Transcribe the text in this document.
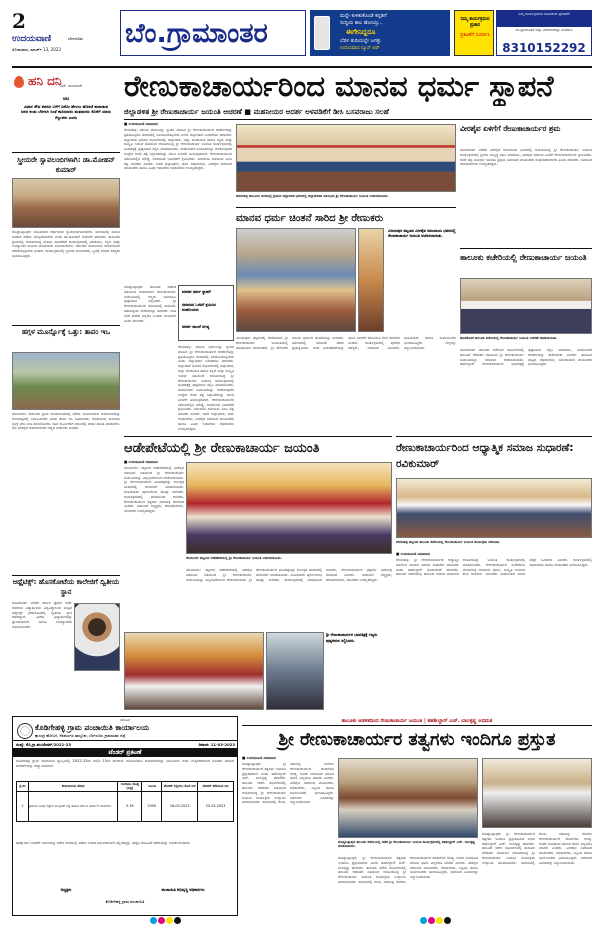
2
ಉದಯವಾಣಿ	ಬೆಂಗಳೂರು
ಸೋಮವಾರ, ಮಾರ್ಚ್ 13, 2023
ಬೆಂ.ಗ್ರಾಮಾಂತರ
ಮನ್ನೇ ಕುಳಿತುಕೊಂಡೆ ಕನ್ನಡಿಗೆ
ಸುದ್ದಿಯ ಕಾಲ ಹೋಯ್ತು..
ಈಗೇನಿದ್ದರೂ
ಬೆರಳ ತುದಿಯಲ್ಲೇ ಜಗತ್ತು
ಉದಯವಾಣಿ ನ್ಯೂಸ್ ಆಪ್
ನಿಮ್ಮ ಕಾರ್ಯಕ್ರಮದ ಪ್ರಚಾರ
ಪ್ರಕಟಣೆಗೆ ಸಂಪರ್ಕಿಸಿ
ನಿಮ್ಮ ಕಾರ್ಯಕ್ರಮಗಳ ಜಾಹೀರಾತು ಪ್ರಕಟಣೆಗೆ
ಬೆಂ.ಗ್ರಾಮಾಂತರ ಜಿಲ್ಲಾ ವರದಿಗಾರರನ್ನು ಸಂಪರ್ಕಿಸಿ
8310152292
ಹನಿ ದನಿ
ಎಚ್. ಡುಂಡಿರಾಜ್
ಆಟ
ವಿಧಾನ ಸೌಧ ಕದನದ ಬಗೆಗೆ ಏನೋ ಹೇಳಲು ಹೊರಟೆ ಕಾದಾಡುವ ಜನರ ಕಂಡು ಬೆರಗಾಗಿ ನಿಂತೆ ಕಾದಿರುವರು ಮತದಾರರು ಕೊನೆಗೆ ಯಾರು ಗೆಲ್ಲುವರು ಎಂದು
ಸ್ತ್ರೀಯರೇ ಸ್ವಾವಲಂಬಿಗಳಾಗಿ: ಡಾ.ಮೋಹನ್ ಕುಮಾರ್
ದೊಡ್ಡಬಳ್ಳಾಪುರ: ಮಹಿಳೆಯರು ಆರ್ಥಿಕವಾಗಿ ಸ್ವಾವಲಂಬಿಗಳಾಗಬೇಕು. ಸಮಾಜದಲ್ಲಿ ಸಮಾನ ಅವಕಾಶ ಪಡೆದು ಮುನ್ನಡೆಯಬೇಕು ಎಂದು ಡಾ.ಮೋಹನ್ ಕುಮಾರ್ ಹೇಳಿದರು. ತಾಲೂಕಿನ ಗ್ರಾಮದಲ್ಲಿ ಆಯೋಜಿಸಿದ್ದ ಮಹಿಳಾ ದಿನಾಚರಣೆ ಕಾರ್ಯಕ್ರಮದಲ್ಲಿ ಮಾತನಾಡಿ, ಶಿಕ್ಷಣ ಮತ್ತು ಉದ್ಯೋಗದ ಮೂಲಕ ಮಹಿಳೆಯರು ಸಬಲರಾಗಬೇಕು. ಸರ್ಕಾರದ ಯೋಜನೆಗಳ ಸದುಪಯೋಗ ಪಡೆದುಕೊಳ್ಳಬೇಕು ಎಂದರು. ಕಾರ್ಯಕ್ರಮದಲ್ಲಿ ಸ್ಥಳೀಯ ಮುಖಂಡರು, ಸ್ತ್ರೀಶಕ್ತಿ ಸಂಘದ ಸದಸ್ಯರು ಭಾಗವಹಿಸಿದ್ದರು.
ಹಗ್ಗಳ ಮೂರ್ನ್ನೊಕ್ಕೆ ಒತ್ತು: ತಾಪಂ ಇಒ
ನೆಲಮಂಗಲ: ತಾಲೂಕಿನ ಗ್ರಾಮ ಪಂಚಾಯಿತಿಗಳಲ್ಲಿ ನರೇಗಾ ಯೋಜನೆಯಡಿ ಕಾಮಗಾರಿಗಳನ್ನು ಗುಣಮಟ್ಟದಲ್ಲಿ ನಿರ್ವಹಿಸಬೇಕು ಎಂದು ತಾಪಂ ಇಒ ಸೂಚಿಸಿದರು. ಅಧಿಕಾರಿಗಳು ಕಾಮಗಾರಿ ಸ್ಥಳಕ್ಕೆ ಭೇಟಿ ನೀಡಿ ಪರಿಶೀಲಿಸಿದರು. ಕೂಲಿ ಕಾರ್ಮಿಕರಿಗೆ ಸಕಾಲದಲ್ಲಿ ವೇತನ ಪಾವತಿ ಮಾಡಬೇಕು. ಜಲ ಸಂರಕ್ಷಣೆ ಕಾಮಗಾರಿಗಳಿಗೆ ಆದ್ಯತೆ ನೀಡಬೇಕು ಎಂದರು.
ಅಥ್ಲೆಟಿಕ್ಸ್: ಹೊಸಕೋಟೆಯ ಕಾಲೇಜಿಗೆ ದ್ವಿತೀಯ ಸ್ಥಾನ
ಹೊಸಕೋಟೆ: ನಗರದ ಸರ್ಕಾರಿ ಪ್ರಥಮ ದರ್ಜೆ ಕಾಲೇಜಿನ ವಿದ್ಯಾರ್ಥಿಗಳು ವಿಶ್ವವಿದ್ಯಾಲಯ ಮಟ್ಟದ ಅಥ್ಲೆಟಿಕ್ಸ್ ಕ್ರೀಡಾಕೂಟದಲ್ಲಿ ದ್ವಿತೀಯ ಸ್ಥಾನ ಪಡೆದಿದ್ದಾರೆ. ವಿಜೇತ ವಿದ್ಯಾರ್ಥಿಗಳನ್ನು ಪ್ರಾಂಶುಪಾಲರು ಹಾಗೂ ಉಪನ್ಯಾಸಕರು ಅಭಿನಂದಿಸಿದರು.
ರೇಣುಕಾಚಾರ್ಯರಿಂದ ಮಾನವ ಧರ್ಮ ಸ್ಥಾಪನೆ
ಜಿಲ್ಲಾಡಳಿತ ಶ್ರೀ ರೇಣುಕಾಚಾರ್ಯ ಜಯಂತಿ ಆಚರಣೆ ■ ಮಹನೀಯರ ಆದರ್ಶ ಅಳವಡಿಕೆಗೆ ಡೀಸಿ ಬಸವರಾಜು ಸಲಹೆ
■ ಉದಯವಾಣಿ ಸಮಾಚಾರ
ದೇವನಹಳ್ಳಿ: ಮಾನವ ಧರ್ಮವನ್ನು ಸ್ಥಾಪನೆ ಮಾಡಿದ ಶ್ರೀ ರೇಣುಕಾಚಾರ್ಯರ ಆದರ್ಶಗಳನ್ನು ಪ್ರತಿಯೊಬ್ಬರೂ ಜೀವನದಲ್ಲಿ ಅಳವಡಿಸಿಕೊಳ್ಳಬೇಕು ಎಂದು ಜಿಲ್ಲಾಧಿಕಾರಿ ಬಸವರಾಜು ಹೇಳಿದರು. ಜಿಲ್ಲಾಡಳಿತ ಭವನದ ಸಭಾಂಗಣದಲ್ಲಿ ಜಿಲ್ಲಾಡಳಿತ, ಜಿಲ್ಲಾ ಪಂಚಾಯಿತಿ ಹಾಗೂ ಕನ್ನಡ ಮತ್ತು ಸಂಸ್ಕೃತಿ ಇಲಾಖೆ ವತಿಯಿಂದ ಆಯೋಜಿಸಿದ್ದ ಶ್ರೀ ರೇಣುಕಾಚಾರ್ಯ ಜಯಂತಿ ಕಾರ್ಯಕ್ರಮದಲ್ಲಿ ಭಾವಚಿತ್ರಕ್ಕೆ ಪುಷ್ಪನಮನ ಸಲ್ಲಿಸಿ ಮಾತನಾಡಿದರು. ಮಹನೀಯರ ಜಯಂತಿಗಳನ್ನು ಆಚರಿಸುವುದರ ಉದ್ದೇಶ ಅವರ ತತ್ವ ಸಿದ್ಧಾಂತಗಳನ್ನು ಯುವ ಪೀಳಿಗೆಗೆ ತಿಳಿಸುವುದಾಗಿದೆ. ರೇಣುಕಾಚಾರ್ಯರು ಸಮಾಜದಲ್ಲಿನ ಮೌಢ್ಯ, ಅಸಮಾನತೆ ನಿವಾರಣೆಗೆ ಶ್ರಮಿಸಿದರು. ಸರ್ವರಿಗೂ ಸಮಬಾಳು ಎಂಬ ತತ್ವ ಸಾರಿದರು ಎಂದರು. ಅಪರ ಜಿಲ್ಲಾಧಿಕಾರಿ, ಜಿಪಂ ಅಧಿಕಾರಿಗಳು, ವೀರಶೈವ ಸಮಾಜದ ಮುಖಂಡರು ಹಾಗೂ ವಿವಿಧ ಇಲಾಖೆಗಳ ಅಧಿಕಾರಿಗಳು ಉಪಸ್ಥಿತರಿದ್ದರು.
ದೇವನಹಳ್ಳಿ ತಾಲೂಕಿನ ಬೀರಸಂದ್ರ ಗ್ರಾಮದ ಜಿಲ್ಲಾಡಳಿತ ಭವನದಲ್ಲಿ ಜಿಲ್ಲಾಡಳಿತದ ವತಿಯಿಂದ ಶ್ರೀ ರೇಣುಕಾಚಾರ್ಯ ಜಯಂತಿ ಆಚರಿಸಲಾಯಿತು.
ವೀರಶೈವ ಏಳಿಗೆಗೆ ರೇಣುಕಾಚಾರ್ಯರ ಶ್ರಮ
ಹೊಸಕೋಟೆ: ನಗರದ ವೀರಶೈವ ಸಮುದಾಯ ಭವನದಲ್ಲಿ ಆಯೋಜಿಸಿದ್ದ ಶ್ರೀ ರೇಣುಕಾಚಾರ್ಯ ಜಯಂತಿ ಕಾರ್ಯಕ್ರಮದಲ್ಲಿ ಶ್ರೀಗಳು ಸಾನ್ನಿಧ್ಯ ವಹಿಸಿ ಮಾತನಾಡಿ, ವೀರಶೈವ ಧರ್ಮದ ಏಳಿಗೆಗೆ ರೇಣುಕಾಚಾರ್ಯರು ಶ್ರಮಿಸಿದರು. ಅವರ ತತ್ವ ಬೋಧನೆ ಇಂದಿಗೂ ಪ್ರಸ್ತುತ. ಸಮಾಜದ ಮುಖಂಡರು ಸಂಘಟಿತರಾಗಬೇಕು ಎಂದು ಹೇಳಿದರು. ಸಮಾಜದ ಪದಾಧಿಕಾರಿಗಳು ಉಪಸ್ಥಿತರಿದ್ದರು.
ಮಾನವ ಧರ್ಮ ಸ್ಥಾಪನೆ
ಸಮಾಜದ ಒಳಿತಿಗೆ ಶ್ರಮಿಸಿದ ಮಹನೀಯರು
ಆದರ್ಶ ಪಾಲನೆ ಅಗತ್ಯ
ದೊಡ್ಡಬಳ್ಳಾಪುರ: ತಾಲೂಕು ಆಡಳಿತ ವತಿಯಿಂದ ಆಚರಿಸಲಾದ ರೇಣುಕಾಚಾರ್ಯ ಜಯಂತಿಯಲ್ಲಿ ಗಣ್ಯರು ಭಾಗವಹಿಸಿ ಪುಷ್ಪನಮನ ಸಲ್ಲಿಸಿದರು. ಶ್ರೀ ರೇಣುಕಾಚಾರ್ಯರು ಸಮಾಜದಲ್ಲಿ ಸಮಾನತೆ, ಸಹಬಾಳ್ವೆಯ ಸಂದೇಶವನ್ನು ಸಾರಿದರು. ಜಾತಿ ಭೇದ ಮರೆತು ಎಲ್ಲರೂ ಒಂದಾಗಿ ಬಾಳಬೇಕು ಎಂದು ಹೇಳಿದರು.
ದೇವನಹಳ್ಳಿ: ಮಾನವ ಧರ್ಮವನ್ನು ಸ್ಥಾಪನೆ ಮಾಡಿದ ಶ್ರೀ ರೇಣುಕಾಚಾರ್ಯರ ಆದರ್ಶಗಳನ್ನು ಪ್ರತಿಯೊಬ್ಬರೂ ಜೀವನದಲ್ಲಿ ಅಳವಡಿಸಿಕೊಳ್ಳಬೇಕು ಎಂದು ಜಿಲ್ಲಾಧಿಕಾರಿ ಬಸವರಾಜು ಹೇಳಿದರು. ಜಿಲ್ಲಾಡಳಿತ ಭವನದ ಸಭಾಂಗಣದಲ್ಲಿ ಜಿಲ್ಲಾಡಳಿತ, ಜಿಲ್ಲಾ ಪಂಚಾಯಿತಿ ಹಾಗೂ ಕನ್ನಡ ಮತ್ತು ಸಂಸ್ಕೃತಿ ಇಲಾಖೆ ವತಿಯಿಂದ ಆಯೋಜಿಸಿದ್ದ ಶ್ರೀ ರೇಣುಕಾಚಾರ್ಯ ಜಯಂತಿ ಕಾರ್ಯಕ್ರಮದಲ್ಲಿ ಭಾವಚಿತ್ರಕ್ಕೆ ಪುಷ್ಪನಮನ ಸಲ್ಲಿಸಿ ಮಾತನಾಡಿದರು. ಮಹನೀಯರ ಜಯಂತಿಗಳನ್ನು ಆಚರಿಸುವುದರ ಉದ್ದೇಶ ಅವರ ತತ್ವ ಸಿದ್ಧಾಂತಗಳನ್ನು ಯುವ ಪೀಳಿಗೆಗೆ ತಿಳಿಸುವುದಾಗಿದೆ. ರೇಣುಕಾಚಾರ್ಯರು ಸಮಾಜದಲ್ಲಿನ ಮೌಢ್ಯ, ಅಸಮಾನತೆ ನಿವಾರಣೆಗೆ ಶ್ರಮಿಸಿದರು. ಸರ್ವರಿಗೂ ಸಮಬಾಳು ಎಂಬ ತತ್ವ ಸಾರಿದರು ಎಂದರು. ಅಪರ ಜಿಲ್ಲಾಧಿಕಾರಿ, ಜಿಪಂ ಅಧಿಕಾರಿಗಳು, ವೀರಶೈವ ಸಮಾಜದ ಮುಖಂಡರು ಹಾಗೂ ವಿವಿಧ ಇಲಾಖೆಗಳ ಅಧಿಕಾರಿಗಳು ಉಪಸ್ಥಿತರಿದ್ದರು.
ಮಾನವ ಧರ್ಮ ಚಿಂತನೆ ಸಾರಿದ ಶ್ರೀ ರೇಣುಕರು
ವಿಜಯಪುರ ಪಟ್ಟಣದ ವೀರಶೈವ ಸಮುದಾಯ ಭವನದಲ್ಲಿ ರೇಣುಕಾಚಾರ್ಯ ಜಯಂತಿ ಆಚರಿಸಲಾಯಿತು.
ವಿಜಯಪುರ: ಪಟ್ಟಣದಲ್ಲಿ ಆಚರಿಸಲಾದ ಶ್ರೀ ರೇಣುಕಾಚಾರ್ಯ ಜಯಂತಿಯಲ್ಲಿ ಮಾತನಾಡಿದ ಮುಖಂಡರು, ಶ್ರೀ ರೇಣುಕರು ಮಾನವ ಧರ್ಮದ ಚಿಂತನೆಯನ್ನು ಸಾರಿದರು. ಸಮಾಜದಲ್ಲಿ ಸಮಾನತೆ ತರಲು ಪ್ರಯತ್ನಿಸಿದರು. ಅವರ ವಿಚಾರಧಾರೆಗಳನ್ನು ಯುವ ಪೀಳಿಗೆಗೆ ತಲುಪಿಸುವ ಕೆಲಸ ಆಗಬೇಕು ಎಂದರು. ಕಾರ್ಯಕ್ರಮದಲ್ಲಿ ಪುರಸಭೆ ಸದಸ್ಯರು, ಸಮಾಜದ ಹಿರಿಯರು, ಮಹಿಳೆಯರು ಹಾಗೂ ಸಾರ್ವಜನಿಕರು ಭಾಗವಹಿಸಿದ್ದರು. ಗಣ್ಯರನ್ನು ಸನ್ಮಾನಿಸಲಾಯಿತು.
ತಾಲೂಕು ಕಚೇರಿಯಲ್ಲಿ ರೇಣುಕಾಚಾರ್ಯ ಜಯಂತಿ
ಹೊಸಕೋಟೆ ತಾಲೂಕು ಕಚೇರಿಯಲ್ಲಿ ರೇಣುಕಾಚಾರ್ಯ ಜಯಂತಿ ಆಚರಣೆ ಮಾಡಲಾಯಿತು.
ಹೊಸಕೋಟೆ: ತಾಲೂಕು ಕಚೇರಿಯ ಸಭಾಂಗಣದಲ್ಲಿ ತಾಲೂಕು ಆಡಳಿತದ ವತಿಯಿಂದ ಶ್ರೀ ರೇಣುಕಾಚಾರ್ಯ ಜಯಂತಿಯನ್ನು ಸರಳವಾಗಿ ಆಚರಿಸಲಾಯಿತು. ತಹಶೀಲ್ದಾರ್ ರೇಣುಕಾಚಾರ್ಯರ ಭಾವಚಿತ್ರಕ್ಕೆ ಪುಷ್ಪನಮನ ಸಲ್ಲಿಸಿ ಮಾತನಾಡಿ, ಮಹನೀಯರ ಆದರ್ಶಗಳನ್ನು ಪಾಲಿಸಬೇಕು ಎಂದರು. ತಾಲೂಕು ಮಟ್ಟದ ಅಧಿಕಾರಿಗಳು, ಸಮುದಾಯದ ಮುಖಂಡರು ಭಾಗವಹಿಸಿದ್ದರು.
ಆಡೇಪೇಟೆಯಲ್ಲಿ ಶ್ರೀ ರೇಣುಕಾಚಾರ್ಯ ಜಯಂತಿ
■ ಉದಯವಾಣಿ ಸಮಾಚಾರ
ನೆಲಮಂಗಲ: ಪಟ್ಟಣದ ಆಡೇಪೇಟೆಯಲ್ಲಿ ವೀರಶೈವ ಸಮಾಜದ ವತಿಯಿಂದ ಶ್ರೀ ರೇಣುಕಾಚಾರ್ಯ ಜಯಂತಿಯನ್ನು ವಿಜೃಂಭಣೆಯಿಂದ ಆಚರಿಸಲಾಯಿತು. ಶ್ರೀ ರೇಣುಕಾಚಾರ್ಯರ ಭಾವಚಿತ್ರವನ್ನು ಅಲಂಕೃತ ವಾಹನದಲ್ಲಿ ಮೆರವಣಿಗೆ ಮಾಡಲಾಯಿತು. ಮಹಿಳೆಯರು ಪೂರ್ಣಕುಂಭ ಹೊತ್ತು ಸಾಗಿದರು. ಕಾರ್ಯಕ್ರಮದಲ್ಲಿ ಮಾತನಾಡಿದ ಶಾಸಕರು, ರೇಣುಕಾಚಾರ್ಯರ ತತ್ವಗಳು ಸಮಾಜಕ್ಕೆ ದಾರಿದೀಪ ಎಂದರು. ಸಮಾಜದ ಅಧ್ಯಕ್ಷರು, ಪದಾಧಿಕಾರಿಗಳು, ಯುವಕರು ಉಪಸ್ಥಿತರಿದ್ದರು.
ನೆಲಮಂಗಲ ಪಟ್ಟಣದ ಆಡೇಪೇಟೆಯಲ್ಲಿ ಶ್ರೀ ರೇಣುಕಾಚಾರ್ಯ ಜಯಂತಿ ಆಚರಿಸಲಾಯಿತು.
ನೆಲಮಂಗಲ: ಪಟ್ಟಣದ ಆಡೇಪೇಟೆಯಲ್ಲಿ ವೀರಶೈವ ಸಮಾಜದ ವತಿಯಿಂದ ಶ್ರೀ ರೇಣುಕಾಚಾರ್ಯ ಜಯಂತಿಯನ್ನು ವಿಜೃಂಭಣೆಯಿಂದ ಆಚರಿಸಲಾಯಿತು. ಶ್ರೀ ರೇಣುಕಾಚಾರ್ಯರ ಭಾವಚಿತ್ರವನ್ನು ಅಲಂಕೃತ ವಾಹನದಲ್ಲಿ ಮೆರವಣಿಗೆ ಮಾಡಲಾಯಿತು. ಮಹಿಳೆಯರು ಪೂರ್ಣಕುಂಭ ಹೊತ್ತು ಸಾಗಿದರು. ಕಾರ್ಯಕ್ರಮದಲ್ಲಿ ಮಾತನಾಡಿದ ಶಾಸಕರು, ರೇಣುಕಾಚಾರ್ಯರ ತತ್ವಗಳು ಸಮಾಜಕ್ಕೆ ದಾರಿದೀಪ ಎಂದರು. ಸಮಾಜದ ಅಧ್ಯಕ್ಷರು, ಪದಾಧಿಕಾರಿಗಳು, ಯುವಕರು ಉಪಸ್ಥಿತರಿದ್ದರು.
ಶ್ರೀ ರೇಣುಕಾಚಾರ್ಯರ ಭಾವಚಿತ್ರಕ್ಕೆ ಗಣ್ಯರು ಪುಷ್ಪನಮನ ಸಲ್ಲಿಸಿದರು.
ರೇಣುಕಾಚಾರ್ಯರಿಂದ ಆಧ್ಯಾತ್ಮಿಕ ಸಮಾಜ ಸುಧಾರಣೆ: ರವಿಕುಮಾರ್
ದೇವನಹಳ್ಳಿ ಪಟ್ಟಣದ ತಾಲೂಕು ಕಚೇರಿಯಲ್ಲಿ ರೇಣುಕಾಚಾರ್ಯ ಜಯಂತಿ ಕಾರ್ಯಕ್ರಮ ನಡೆಯಿತು.
■ ಉದಯವಾಣಿ ಸಮಾಚಾರ
ದೇವನಹಳ್ಳಿ: ಶ್ರೀ ರೇಣುಕಾಚಾರ್ಯರು ಆಧ್ಯಾತ್ಮಿಕ ಮಾರ್ಗದ ಮೂಲಕ ಸಮಾಜ ಸುಧಾರಣೆ ಮಾಡಿದರು ಎಂದು ತಹಶೀಲ್ದಾರ್ ರವಿಕುಮಾರ್ ಹೇಳಿದರು. ತಾಲೂಕು ಕಚೇರಿಯಲ್ಲಿ ತಾಲೂಕು ಆಡಳಿತ ವತಿಯಿಂದ ಆಯೋಜಿಸಿದ್ದ ಜಯಂತಿ ಕಾರ್ಯಕ್ರಮದಲ್ಲಿ ಮಾತನಾಡಿದರು. ರೇಣುಕಾಚಾರ್ಯರ ಸಂದೇಶಗಳು ಮನುಕುಲಕ್ಕೆ ದಾರಿದೀಪ. ಧರ್ಮ, ಸಂಸ್ಕೃತಿ ಉಳಿಸುವ ಕೆಲಸ ಆಗಬೇಕು. ಯುವಕರು ಮಹನೀಯರ ಜೀವನ ಚರಿತ್ರೆ ಓದಬೇಕು ಎಂದರು. ಕಾರ್ಯಕ್ರಮದಲ್ಲಿ ಅಧಿಕಾರಿಗಳು ಹಾಗೂ ಮುಖಂಡರು ಭಾಗವಹಿಸಿದ್ದರು.
ನಮೂನೆ
ಕೊಡಿಗೇಹಳ್ಳಿ ಗ್ರಾಮ ಪಂಚಾಯಿತಿ ಕಾರ್ಯಾಲಯ
ಕ್ಯಾಸಂದ್ರ ಹೋಬಳಿ, ನೆಲಮಂಗಲ ತಾಲ್ಲೂಕು, ಬೆಂಗಳೂರು ಗ್ರಾಮಾಂತರ ಜಿಲ್ಲೆ
ಸಂಖ್ಯೆ: ಕೊ.ಗ್ರಾ.ಪಂ/ಟೆಂಡರ್/2022-23	ದಿನಾಂಕ: 11-03-2023
ಟೆಂಡರ್ ಪ್ರಕಟಣೆ
ಕೊಡಿಗೇಹಳ್ಳಿ ಗ್ರಾಮ ಪಂಚಾಯಿತಿ ವ್ಯಾಪ್ತಿಯಲ್ಲಿ 2022-23ನೇ ಸಾಲಿನ 15ನೇ ಹಣಕಾಸು ಯೋಜನೆಯಡಿ ಕಾಮಗಾರಿಗಳನ್ನು ನಿರ್ವಹಿಸಲು ಅರ್ಹ ಗುತ್ತಿಗೆದಾರರಿಂದ ಮೊಹರು ಮಾಡಿದ ಟೆಂಡರ್‌ಗಳನ್ನು ಆಹ್ವಾನಿಸಲಾಗಿದೆ.
ಕ್ರ.ಸಂ	ಕಾಮಗಾರಿಯ ಹೆಸರು	ಅಂದಾಜು ಮೊತ್ತ (ಲಕ್ಷ)	ಇಎಂಡಿ	ಟೆಂಡರ್ ಸಲ್ಲಿಸಲು ಕೊನೆ ದಿನ	ಟೆಂಡರ್ ತೆರೆಯುವ ದಿನ
1	ಗ್ರಾಮದ ವಿವಿಧ ರಸ್ತೆಗಳ ಕಾಂಕ್ರೀಟ್ ರಸ್ತೆ ಹಾಗೂ ಚರಂಡಿ ನಿರ್ಮಾಣ ಕಾಮಗಾರಿ	5.35	5350	18-03-2023	20-03-2023
ಷರತ್ತುಗಳು: ಟೆಂಡರ್ ಅರ್ಜಿಗಳನ್ನು ಕಚೇರಿ ವೇಳೆಯಲ್ಲಿ ಪಡೆದು ನಿಗದಿತ ದಿನಾಂಕದೊಳಗೆ ಸಲ್ಲಿಸತಕ್ಕದ್ದು. ಹೆಚ್ಚಿನ ಮಾಹಿತಿಗೆ ಕಚೇರಿಯನ್ನು ಸಂಪರ್ಕಿಸಬಹುದು.
ಅಧ್ಯಕ್ಷರು	ಪಂಚಾಯಿತಿ ಅಭಿವೃದ್ಧಿ ಅಧಿಕಾರಿಗಳು
ಕೊಡಿಗೇಹಳ್ಳಿ ಗ್ರಾಮ ಪಂಚಾಯಿತಿ
ತಾಲೂಕು ಆಡಳಿತದಿಂದ ರೇಣುಕಾಚಾರ್ಯ ಜಯಂತಿ | ತಹಶೀಲ್ದಾರ್ ಎಚ್. ಬಾಲಕೃಷ್ಣ ಅಭಿಮತ
ಶ್ರೀ ರೇಣುಕಾಚಾರ್ಯರ ತತ್ವಗಳು ಇಂದಿಗೂ ಪ್ರಸ್ತುತ
■ ಉದಯವಾಣಿ ಸಮಾಚಾರ
ದೊಡ್ಡಬಳ್ಳಾಪುರ: ಶ್ರೀ ರೇಣುಕಾಚಾರ್ಯರ ತತ್ವಗಳು ಇಂದಿಗೂ ಪ್ರಸ್ತುತವಾಗಿವೆ ಎಂದು ತಹಶೀಲ್ದಾರ್ ಎಚ್. ಬಾಲಕೃಷ್ಣ ಹೇಳಿದರು. ತಾಲೂಕು ಕಚೇರಿ ಸಭಾಂಗಣದಲ್ಲಿ ತಾಲೂಕು ಆಡಳಿತದ ವತಿಯಿಂದ ಆಯೋಜಿಸಿದ್ದ ಶ್ರೀ ರೇಣುಕಾಚಾರ್ಯ ಜಯಂತಿ ಕಾರ್ಯಕ್ರಮ ಉದ್ಘಾಟಿಸಿ ಮಾತನಾಡಿದರು. ಸಮಾಜದಲ್ಲಿ ಶಾಂತಿ, ಸಹಬಾಳ್ವೆ ನೆಲೆಸಲು ರೇಣುಕಾಚಾರ್ಯರ ಚಿಂತನೆಗಳು ಅಗತ್ಯ. ಅವರು ಬೋಧಿಸಿದ ಮಾನವ ಧರ್ಮ ಎಲ್ಲರಿಗೂ ಮಾದರಿ ಎಂದರು. ವೀರಶೈವ ಸಮಾಜದ ಮುಖಂಡರು, ಅಧಿಕಾರಿಗಳು, ಸಿಬ್ಬಂದಿ ಹಾಗೂ ಸಾರ್ವಜನಿಕರು ಭಾಗವಹಿಸಿದ್ದರು. ಸಮಾಜದ ಹಿರಿಯರನ್ನು ಸನ್ಮಾನಿಸಲಾಯಿತು.
ದೊಡ್ಡಬಳ್ಳಾಪುರ ತಾಲೂಕು ಕಚೇರಿಯಲ್ಲಿ ನಡೆದ ಶ್ರೀ ರೇಣುಕಾಚಾರ್ಯ ಜಯಂತಿ ಕಾರ್ಯಕ್ರಮದಲ್ಲಿ ತಹಶೀಲ್ದಾರ್ ಎಚ್. ಬಾಲಕೃಷ್ಣ ಮಾತನಾಡಿದರು.
ದೊಡ್ಡಬಳ್ಳಾಪುರ: ಶ್ರೀ ರೇಣುಕಾಚಾರ್ಯರ ತತ್ವಗಳು ಇಂದಿಗೂ ಪ್ರಸ್ತುತವಾಗಿವೆ ಎಂದು ತಹಶೀಲ್ದಾರ್ ಎಚ್. ಬಾಲಕೃಷ್ಣ ಹೇಳಿದರು. ತಾಲೂಕು ಕಚೇರಿ ಸಭಾಂಗಣದಲ್ಲಿ ತಾಲೂಕು ಆಡಳಿತದ ವತಿಯಿಂದ ಆಯೋಜಿಸಿದ್ದ ಶ್ರೀ ರೇಣುಕಾಚಾರ್ಯ ಜಯಂತಿ ಕಾರ್ಯಕ್ರಮ ಉದ್ಘಾಟಿಸಿ ಮಾತನಾಡಿದರು. ಸಮಾಜದಲ್ಲಿ ಶಾಂತಿ, ಸಹಬಾಳ್ವೆ ನೆಲೆಸಲು ರೇಣುಕಾಚಾರ್ಯರ ಚಿಂತನೆಗಳು ಅಗತ್ಯ. ಅವರು ಬೋಧಿಸಿದ ಮಾನವ ಧರ್ಮ ಎಲ್ಲರಿಗೂ ಮಾದರಿ ಎಂದರು. ವೀರಶೈವ ಸಮಾಜದ ಮುಖಂಡರು, ಅಧಿಕಾರಿಗಳು, ಸಿಬ್ಬಂದಿ ಹಾಗೂ ಸಾರ್ವಜನಿಕರು ಭಾಗವಹಿಸಿದ್ದರು. ಸಮಾಜದ ಹಿರಿಯರನ್ನು ಸನ್ಮಾನಿಸಲಾಯಿತು.
ದೊಡ್ಡಬಳ್ಳಾಪುರ: ಶ್ರೀ ರೇಣುಕಾಚಾರ್ಯರ ತತ್ವಗಳು ಇಂದಿಗೂ ಪ್ರಸ್ತುತವಾಗಿವೆ ಎಂದು ತಹಶೀಲ್ದಾರ್ ಎಚ್. ಬಾಲಕೃಷ್ಣ ಹೇಳಿದರು. ತಾಲೂಕು ಕಚೇರಿ ಸಭಾಂಗಣದಲ್ಲಿ ತಾಲೂಕು ಆಡಳಿತದ ವತಿಯಿಂದ ಆಯೋಜಿಸಿದ್ದ ಶ್ರೀ ರೇಣುಕಾಚಾರ್ಯ ಜಯಂತಿ ಕಾರ್ಯಕ್ರಮ ಉದ್ಘಾಟಿಸಿ ಮಾತನಾಡಿದರು. ಸಮಾಜದಲ್ಲಿ ಶಾಂತಿ, ಸಹಬಾಳ್ವೆ ನೆಲೆಸಲು ರೇಣುಕಾಚಾರ್ಯರ ಚಿಂತನೆಗಳು ಅಗತ್ಯ. ಅವರು ಬೋಧಿಸಿದ ಮಾನವ ಧರ್ಮ ಎಲ್ಲರಿಗೂ ಮಾದರಿ ಎಂದರು. ವೀರಶೈವ ಸಮಾಜದ ಮುಖಂಡರು, ಅಧಿಕಾರಿಗಳು, ಸಿಬ್ಬಂದಿ ಹಾಗೂ ಸಾರ್ವಜನಿಕರು ಭಾಗವಹಿಸಿದ್ದರು. ಸಮಾಜದ ಹಿರಿಯರನ್ನು ಸನ್ಮಾನಿಸಲಾಯಿತು.
